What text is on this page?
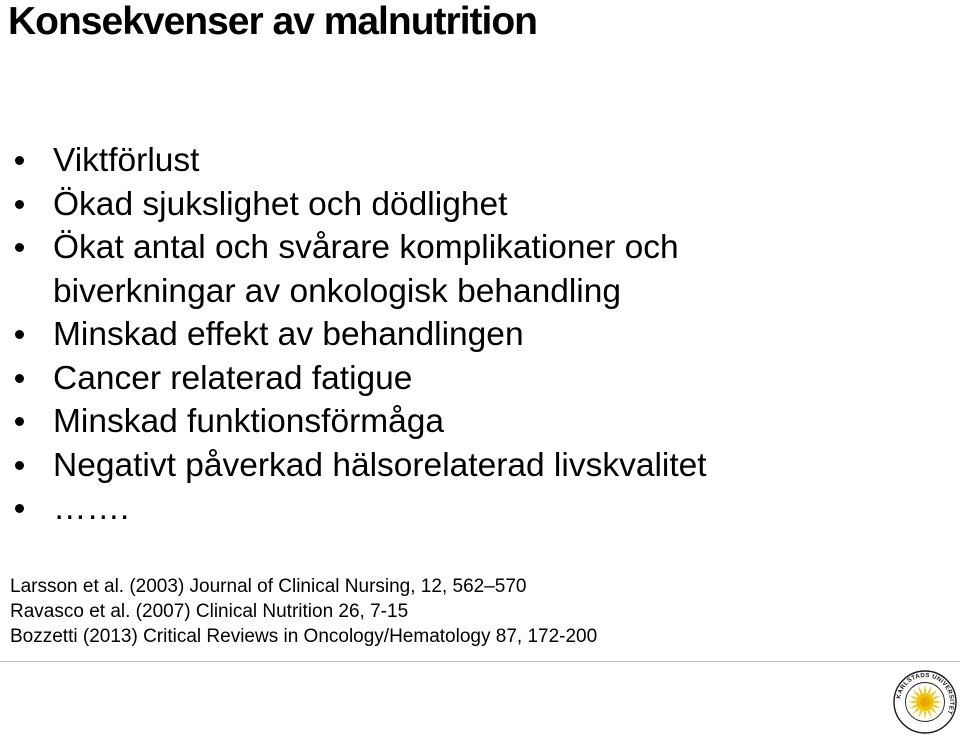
Konsekvenser av malnutrition
Viktförlust
Ökad sjukslighet och dödlighet
Ökat antal och svårare komplikationer och
biverkningar av onkologisk behandling
Minskad effekt av behandlingen
Cancer relaterad fatigue
Minskad funktionsförmåga
Negativt påverkad hälsorelaterad livskvalitet
…….
Larsson et al. (2003) Journal of Clinical Nursing, 12, 562–570
Ravasco et al. (2007) Clinical Nutrition 26, 7-15
Bozzetti (2013) Critical Reviews in Oncology/Hematology 87, 172-200
KARLSTADS UNIVERSITET
